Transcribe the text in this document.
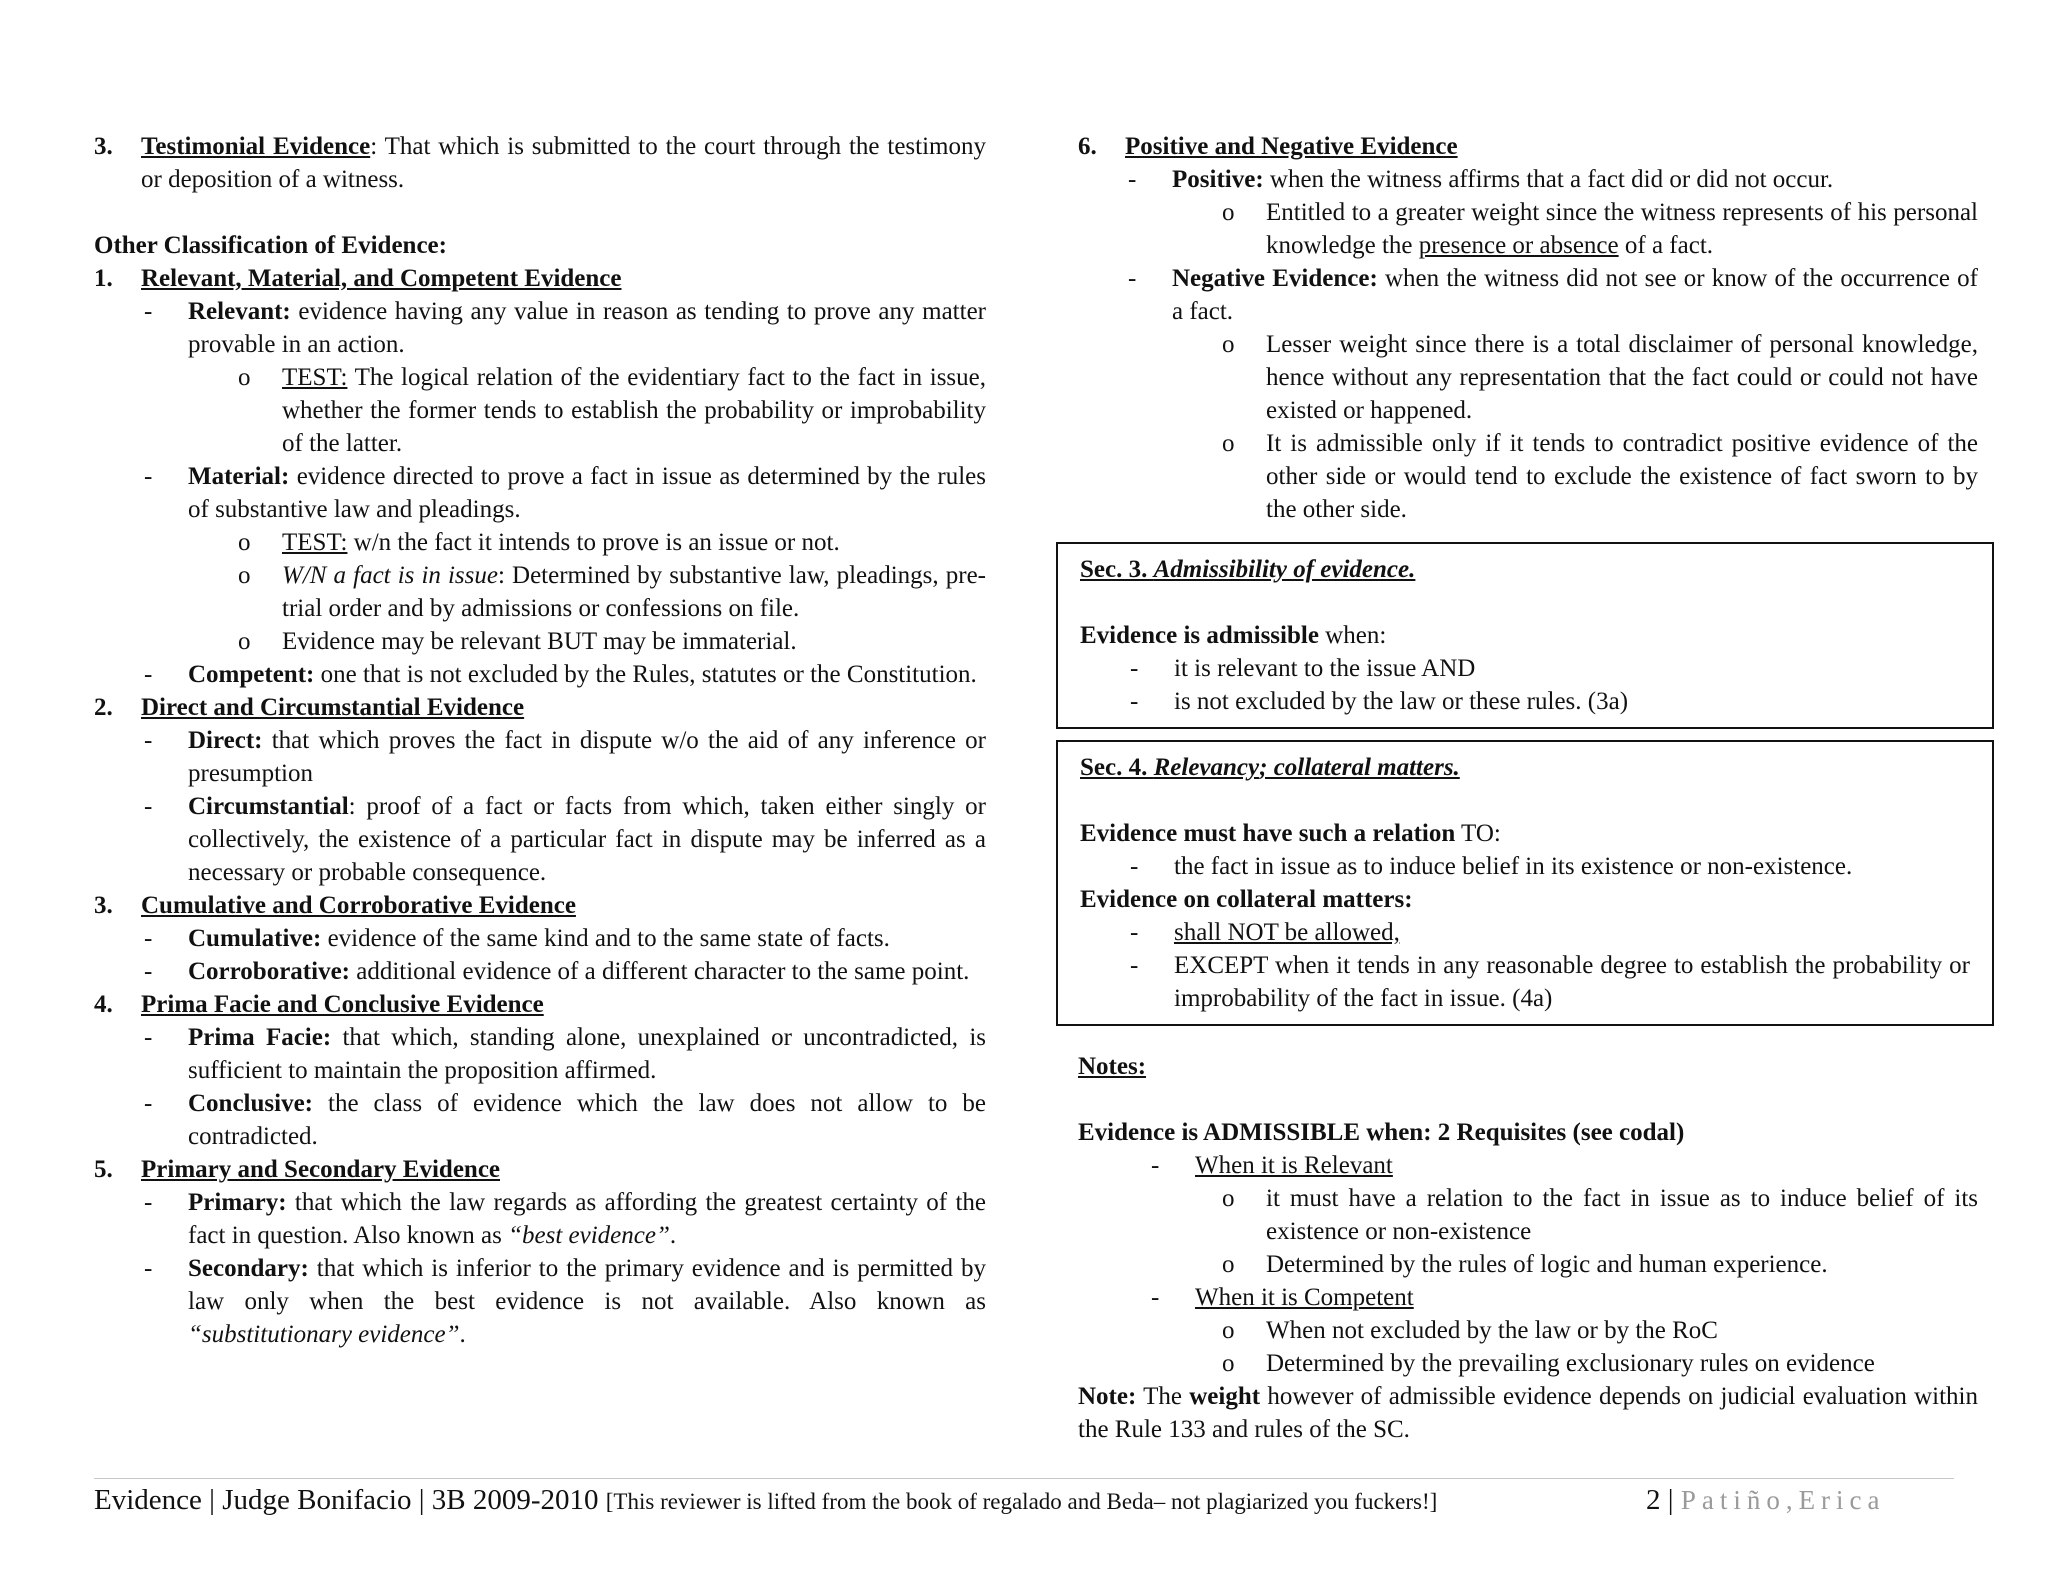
3.	Testimonial Evidence: That which is submitted to the court through the testimony or deposition of a witness.
Other Classification of Evidence:
1.	Relevant, Material, and Competent Evidence
-	Relevant: evidence having any value in reason as tending to prove any matter provable in an action.
o	TEST: The logical relation of the evidentiary fact to the fact in issue, whether the former tends to establish the probability or improbability of the latter.
-	Material: evidence directed to prove a fact in issue as determined by the rules of substantive law and pleadings.
o	TEST: w/n the fact it intends to prove is an issue or not.
o	W/N a fact is in issue: Determined by substantive law, pleadings, pre-trial order and by admissions or confessions on file.
o	Evidence may be relevant BUT may be immaterial.
-	Competent: one that is not excluded by the Rules, statutes or the Constitution.
2.	Direct and Circumstantial Evidence
-	Direct: that which proves the fact in dispute w/o the aid of any inference or presumption
-	Circumstantial: proof of a fact or facts from which, taken either singly or collectively, the existence of a particular fact in dispute may be inferred as a necessary or probable consequence.
3.	Cumulative and Corroborative Evidence
-	Cumulative: evidence of the same kind and to the same state of facts.
-	Corroborative: additional evidence of a different character to the same point.
4.	Prima Facie and Conclusive Evidence
-	Prima Facie: that which, standing alone, unexplained or uncontradicted, is sufficient to maintain the proposition affirmed.
-	Conclusive: the class of evidence which the law does not allow to be contradicted.
5.	Primary and Secondary Evidence
-	Primary: that which the law regards as affording the greatest certainty of the fact in question. Also known as “best evidence”.
-	Secondary: that which is inferior to the primary evidence and is permitted by law only when the best evidence is not available. Also known as “substitutionary evidence”.
6.	Positive and Negative Evidence
-	Positive: when the witness affirms that a fact did or did not occur.
o	Entitled to a greater weight since the witness represents of his personal knowledge the presence or absence of a fact.
-	Negative Evidence: when the witness did not see or know of the occurrence of a fact.
o	Lesser weight since there is a total disclaimer of personal knowledge, hence without any representation that the fact could or could not have existed or happened.
o	It is admissible only if it tends to contradict positive evidence of the other side or would tend to exclude the existence of fact sworn to by the other side.
Sec. 3. Admissibility of evidence.
Evidence is admissible when:
-	it is relevant to the issue AND
-	is not excluded by the law or these rules. (3a)
Sec. 4. Relevancy; collateral matters.
Evidence must have such a relation TO:
-	the fact in issue as to induce belief in its existence or non-existence.
Evidence on collateral matters:
-	shall NOT be allowed,
-	EXCEPT when it tends in any reasonable degree to establish the probability or improbability of the fact in issue. (4a)
Notes:
Evidence is ADMISSIBLE when: 2 Requisites (see codal)
-	When it is Relevant
o	it must have a relation to the fact in issue as to induce belief of its existence or non-existence
o	Determined by the rules of logic and human experience.
-	When it is Competent
o	When not excluded by the law or by the RoC
o	Determined by the prevailing exclusionary rules on evidence
Note: The weight however of admissible evidence depends on judicial evaluation within the Rule 133 and rules of the SC.
Evidence | Judge Bonifacio | 3B 2009-2010 [This reviewer is lifted from the book of regalado and Beda– not plagiarized you fuckers!]	2 | Patiño,Erica
